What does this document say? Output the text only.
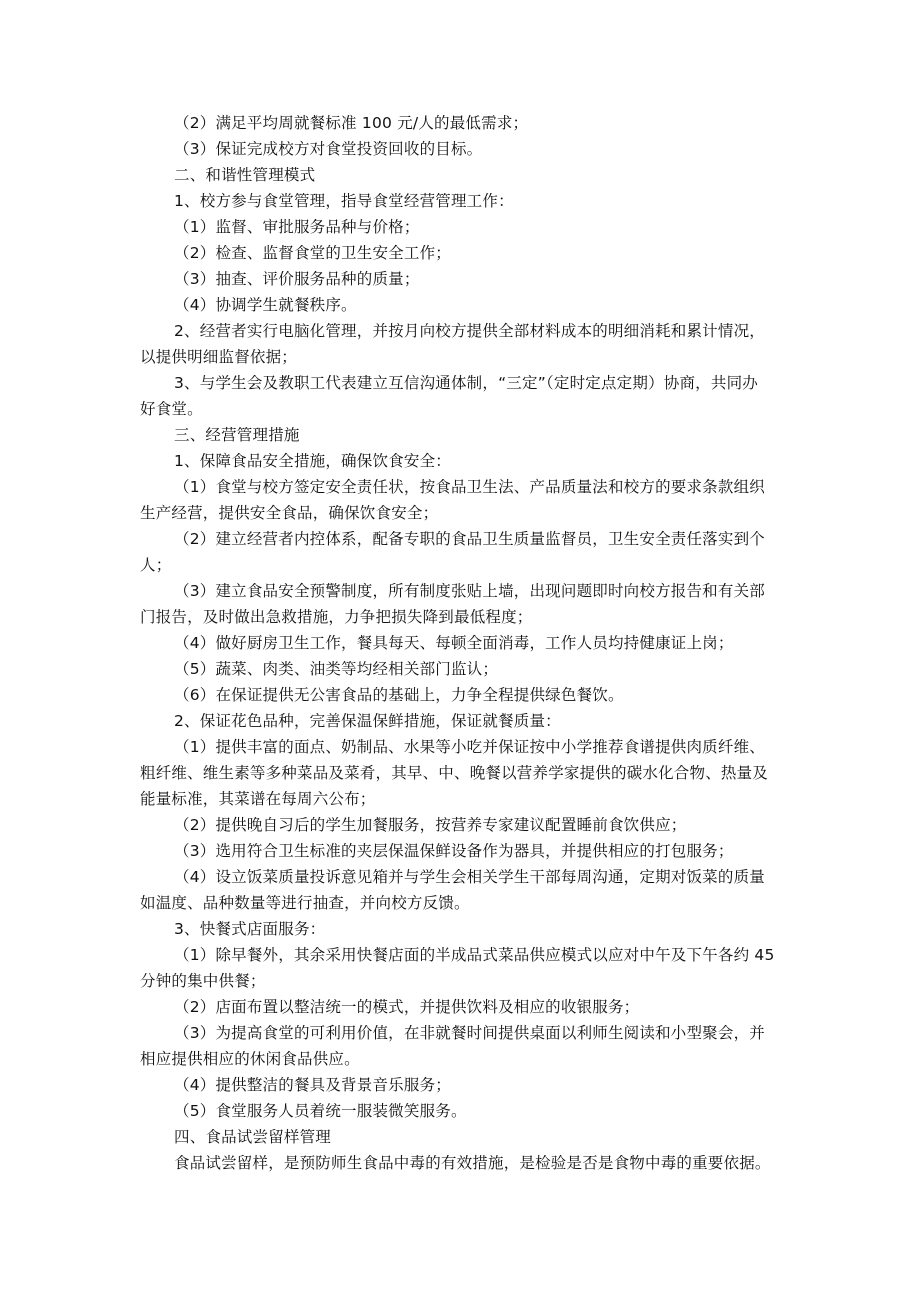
（2）满足平均周就餐标准 100 元/人的最低需求；
（3）保证完成校方对食堂投资回收的目标。
二、和谐性管理模式
1、校方参与食堂管理，指导食堂经营管理工作：
（1）监督、审批服务品种与价格；
（2）检查、监督食堂的卫生安全工作；
（3）抽查、评价服务品种的质量；
（4）协调学生就餐秩序。
2、经营者实行电脑化管理，并按月向校方提供全部材料成本的明细消耗和累计情况，
以提供明细监督依据；
3、与学生会及教职工代表建立互信沟通体制，“三定”（定时定点定期）协商，共同办
好食堂。
三、经营管理措施
1、保障食品安全措施，确保饮食安全：
（1）食堂与校方签定安全责任状，按食品卫生法、产品质量法和校方的要求条款组织
生产经营，提供安全食品，确保饮食安全；
（2）建立经营者内控体系，配备专职的食品卫生质量监督员，卫生安全责任落实到个
人；
（3）建立食品安全预警制度，所有制度张贴上墙，出现问题即时向校方报告和有关部
门报告，及时做出急救措施，力争把损失降到最低程度；
（4）做好厨房卫生工作，餐具每天、每顿全面消毒，工作人员均持健康证上岗；
（5）蔬菜、肉类、油类等均经相关部门监认；
（6）在保证提供无公害食品的基础上，力争全程提供绿色餐饮。
2、保证花色品种，完善保温保鲜措施，保证就餐质量：
（1）提供丰富的面点、奶制品、水果等小吃并保证按中小学推荐食谱提供肉质纤维、
粗纤维、维生素等多种菜品及菜肴，其早、中、晚餐以营养学家提供的碳水化合物、热量及
能量标准，其菜谱在每周六公布；
（2）提供晚自习后的学生加餐服务，按营养专家建议配置睡前食饮供应；
（3）选用符合卫生标准的夹层保温保鲜设备作为器具，并提供相应的打包服务；
（4）设立饭菜质量投诉意见箱并与学生会相关学生干部每周沟通，定期对饭菜的质量
如温度、品种数量等进行抽查，并向校方反馈。
3、快餐式店面服务：
（1）除早餐外，其余采用快餐店面的半成品式菜品供应模式以应对中午及下午各约 45
分钟的集中供餐；
（2）店面布置以整洁统一的模式，并提供饮料及相应的收银服务；
（3）为提高食堂的可利用价值，在非就餐时间提供桌面以利师生阅读和小型聚会，并
相应提供相应的休闲食品供应。
（4）提供整洁的餐具及背景音乐服务；
（5）食堂服务人员着统一服装微笑服务。
四、食品试尝留样管理
食品试尝留样，是预防师生食品中毒的有效措施，是检验是否是食物中毒的重要依据。
